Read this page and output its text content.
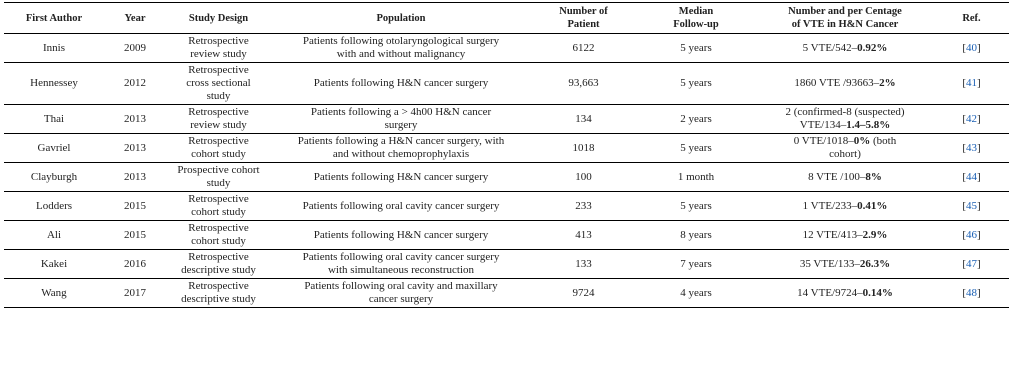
First Author	Year	Study Design	Population	Number of
Patient	Median
Follow-up	Number and per Centage
of VTE in H&N Cancer	Ref.
Innis	2009	Retrospective
review study	Patients following otolaryngological surgery
with and without malignancy	6122	5 years	5 VTE/542–0.92%	[40]
Hennessey	2012	Retrospective
cross sectional
study	Patients following H&N cancer surgery	93,663	5 years	1860 VTE /93663–2%	[41]
Thai	2013	Retrospective
review study	Patients following a > 4h00 H&N cancer
surgery	134	2 years	2 (confirmed-8 (suspected)
VTE/134–1.4–5.8%	[42]
Gavriel	2013	Retrospective
cohort study	Patients following a H&N cancer surgery, with
and without chemoprophylaxis	1018	5 years	0 VTE/1018–0% (both
cohort)	[43]
Clayburgh	2013	Prospective cohort
study	Patients following H&N cancer surgery	100	1 month	8 VTE /100–8%	[44]
Lodders	2015	Retrospective
cohort study	Patients following oral cavity cancer surgery	233	5 years	1 VTE/233–0.41%	[45]
Ali	2015	Retrospective
cohort study	Patients following H&N cancer surgery	413	8 years	12 VTE/413–2.9%	[46]
Kakei	2016	Retrospective
descriptive study	Patients following oral cavity cancer surgery
with simultaneous reconstruction	133	7 years	35 VTE/133–26.3%	[47]
Wang	2017	Retrospective
descriptive study	Patients following oral cavity and maxillary
cancer surgery	9724	4 years	14 VTE/9724–0.14%	[48]
